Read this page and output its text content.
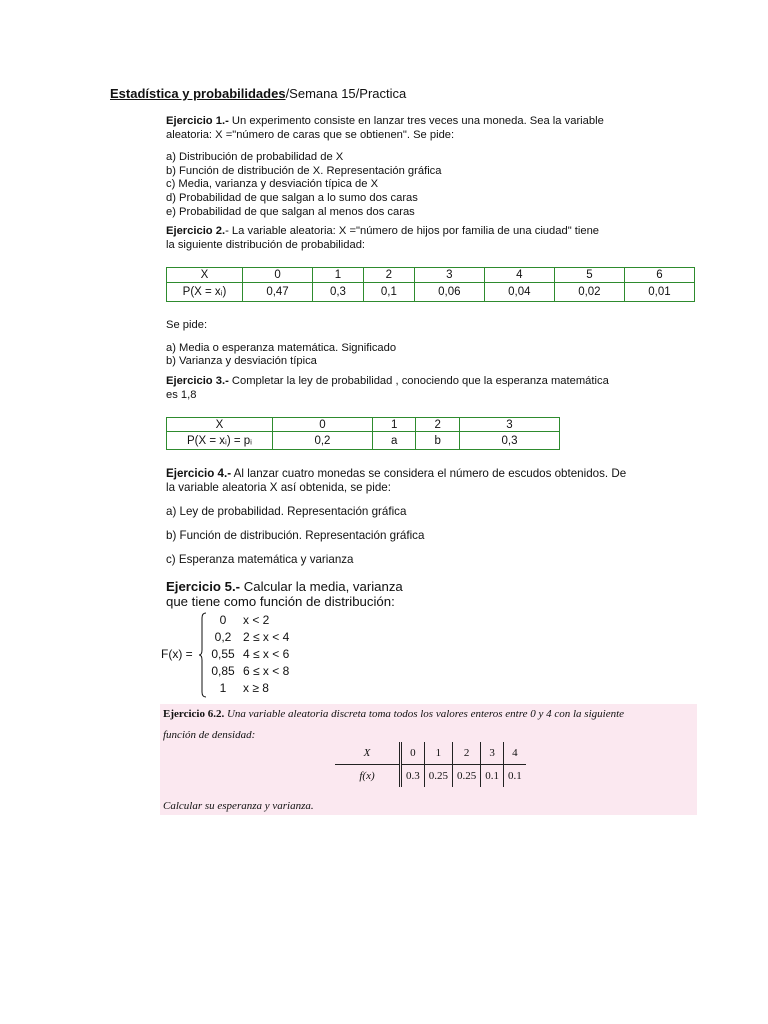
Estadística y probabilidades/Semana 15/Practica

Ejercicio 1.- Un experimento consiste en lanzar tres veces una moneda. Sea la variable

aleatoria: X ="número de caras que se obtienen". Se pide:

a) Distribución de probabilidad de X

b) Función de distribución de X. Representación gráfica

c) Media, varianza y desviación típica de X

d) Probabilidad de que salgan a lo sumo dos caras

e) Probabilidad de que salgan al menos dos caras

Ejercicio 2.- La variable aleatoria: X ="número de hijos por familia de una ciudad" tiene

la siguiente distribución de probabilidad:

X	0	1	2	3	4	5	6
P(X = xᵢ)	0,47	0,3	0,1	0,06	0,04	0,02	0,01

Se pide:

a) Media o esperanza matemática. Significado

b) Varianza y desviación típica

Ejercicio 3.- Completar la ley de probabilidad , conociendo que la esperanza matemática

es 1,8

X	0	1	2	3
P(X = xᵢ) = pᵢ	0,2	a	b	0,3

Ejercicio 4.- Al lanzar cuatro monedas se considera el número de escudos obtenidos. De

la variable aleatoria X así obtenida, se pide:

a) Ley de probabilidad. Representación gráfica

b) Función de distribución. Representación gráfica

c) Esperanza matemática y varianza

Ejercicio 5.- Calcular la media, varianza

que tiene como función de distribución:

F(x) =
0 x < 2
0,2 2 ≤ x < 4
0,55 4 ≤ x < 6
0,85 6 ≤ x < 8
1 x ≥ 8
Ejercicio 6.2. Una variable aleatoria discreta toma todos los valores enteros entre 0 y 4 con la siguiente
función de densidad:
X	0	1	2	3	4
f(x)	0.3	0.25	0.25	0.1	0.1
Calcular su esperanza y varianza.
